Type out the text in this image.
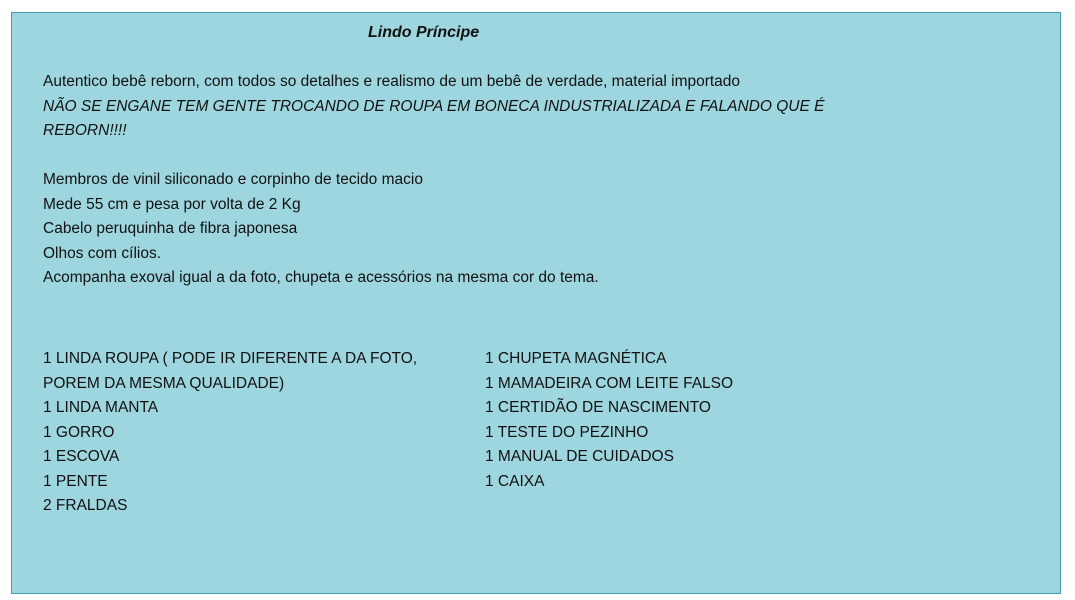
Lindo Príncipe
Autentico bebê reborn, com todos so detalhes e realismo de um bebê de verdade, material importado
NÃO SE ENGANE TEM GENTE TROCANDO DE ROUPA EM BONECA INDUSTRIALIZADA E FALANDO QUE É
REBORN!!!!
Membros de vinil siliconado e corpinho de tecido macio
Mede 55 cm e pesa por volta de 2 Kg
Cabelo peruquinha de fibra japonesa
Olhos com cílios.
Acompanha exoval igual a da foto, chupeta e acessórios na mesma cor do tema.
1 LINDA ROUPA ( PODE IR DIFERENTE A DA FOTO,
POREM DA MESMA QUALIDADE)
1 LINDA MANTA
1 GORRO
1 ESCOVA
1 PENTE
2 FRALDAS
1 CHUPETA MAGNÉTICA
1 MAMADEIRA COM LEITE FALSO
1 CERTIDÃO DE NASCIMENTO
1 TESTE DO PEZINHO
1 MANUAL DE CUIDADOS
1 CAIXA
